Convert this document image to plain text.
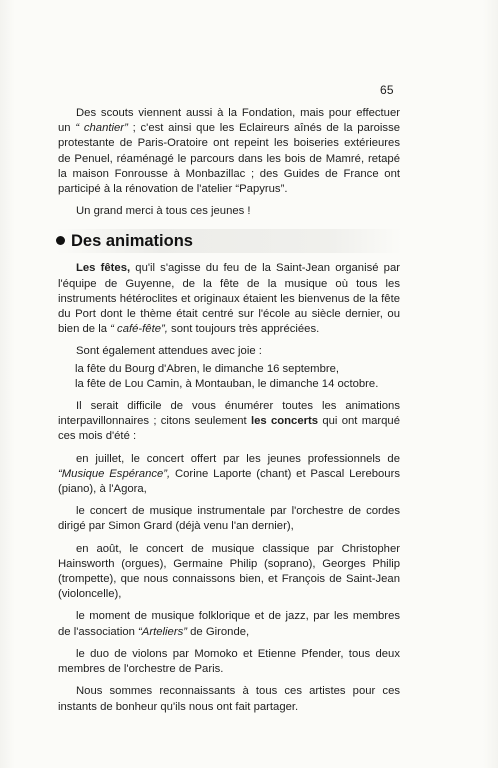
65

Des scouts viennent aussi à la Fondation, mais pour effectuer un “ chantier” ; c'est ainsi que les Eclaireurs aînés de la paroisse protestante de Paris-Oratoire ont repeint les boiseries extérieures de Penuel, réaménagé le parcours dans les bois de Mamré, retapé la maison Fonrousse à Monbazillac ; des Guides de France ont participé à la rénovation de l'atelier “Papyrus”.

Un grand merci à tous ces jeunes !

Des animations

Les fêtes, qu'il s'agisse du feu de la Saint-Jean organisé par l'équipe de Guyenne, de la fête de la musique où tous les instruments hétéroclites et originaux étaient les bienvenus de la fête du Port dont le thème était centré sur l'école au siècle dernier, ou bien de la “ café-fête”, sont toujours très appréciées.

Sont également attendues avec joie :

la fête du Bourg d'Abren, le dimanche 16 septembre,

la fête de Lou Camin, à Montauban, le dimanche 14 octobre.

Il serait difficile de vous énumérer toutes les animations interpavillonnaires ; citons seulement les concerts qui ont marqué ces mois d'été :

en juillet, le concert offert par les jeunes professionnels de “Musique Espérance”, Corine Laporte (chant) et Pascal Lerebours (piano), à l'Agora,

le concert de musique instrumentale par l'orchestre de cordes dirigé par Simon Grard (déjà venu l'an dernier),

en août, le concert de musique classique par Christopher Hainsworth (orgues), Germaine Philip (soprano), Georges Philip (trompette), que nous connaissons bien, et François de Saint-Jean (violoncelle),

le moment de musique folklorique et de jazz, par les membres de l'association “Arteliers” de Gironde,

le duo de violons par Momoko et Etienne Pfender, tous deux membres de l'orchestre de Paris.

Nous sommes reconnaissants à tous ces artistes pour ces instants de bonheur qu'ils nous ont fait partager.
